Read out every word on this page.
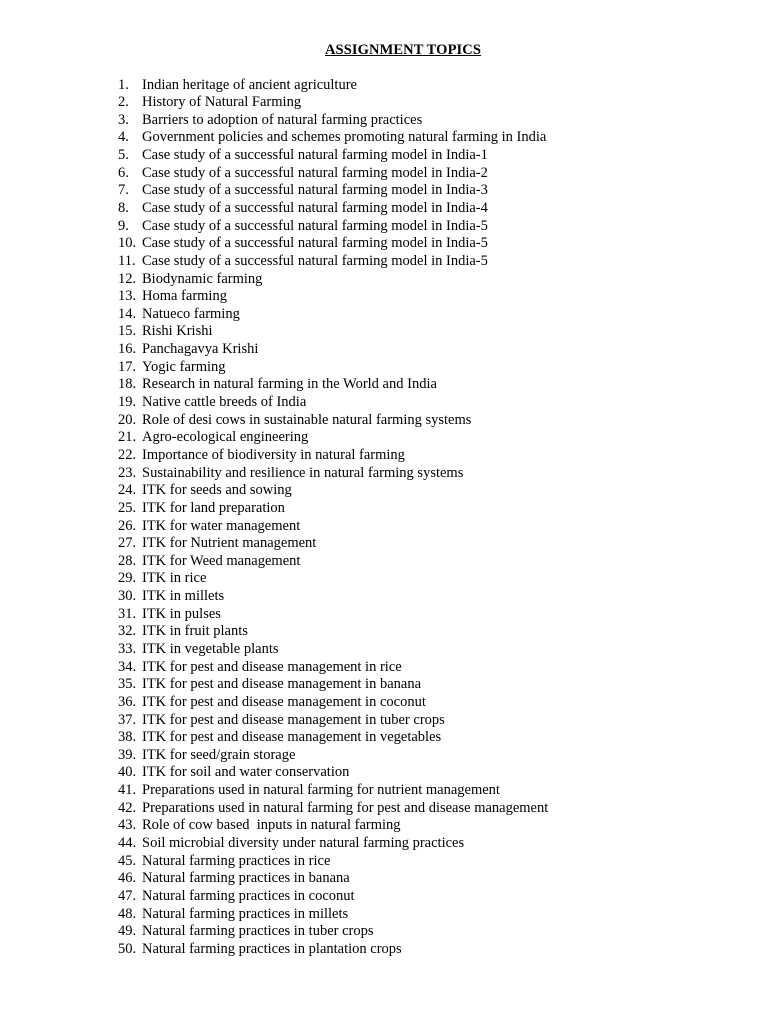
ASSIGNMENT TOPICS
1. Indian heritage of ancient agriculture
2. History of Natural Farming
3. Barriers to adoption of natural farming practices
4. Government policies and schemes promoting natural farming in India
5. Case study of a successful natural farming model in India-1
6. Case study of a successful natural farming model in India-2
7. Case study of a successful natural farming model in India-3
8. Case study of a successful natural farming model in India-4
9. Case study of a successful natural farming model in India-5
10. Case study of a successful natural farming model in India-5
11. Case study of a successful natural farming model in India-5
12. Biodynamic farming
13. Homa farming
14. Natueco farming
15. Rishi Krishi
16. Panchagavya Krishi
17. Yogic farming
18. Research in natural farming in the World and India
19. Native cattle breeds of India
20. Role of desi cows in sustainable natural farming systems
21. Agro-ecological engineering
22. Importance of biodiversity in natural farming
23. Sustainability and resilience in natural farming systems
24. ITK for seeds and sowing
25. ITK for land preparation
26. ITK for water management
27. ITK for Nutrient management
28. ITK for Weed management
29. ITK in rice
30. ITK in millets
31. ITK in pulses
32. ITK in fruit plants
33. ITK in vegetable plants
34. ITK for pest and disease management in rice
35. ITK for pest and disease management in banana
36. ITK for pest and disease management in coconut
37. ITK for pest and disease management in tuber crops
38. ITK for pest and disease management in vegetables
39. ITK for seed/grain storage
40. ITK for soil and water conservation
41. Preparations used in natural farming for nutrient management
42. Preparations used in natural farming for pest and disease management
43. Role of cow based  inputs in natural farming
44. Soil microbial diversity under natural farming practices
45. Natural farming practices in rice
46. Natural farming practices in banana
47. Natural farming practices in coconut
48. Natural farming practices in millets
49. Natural farming practices in tuber crops
50. Natural farming practices in plantation crops
